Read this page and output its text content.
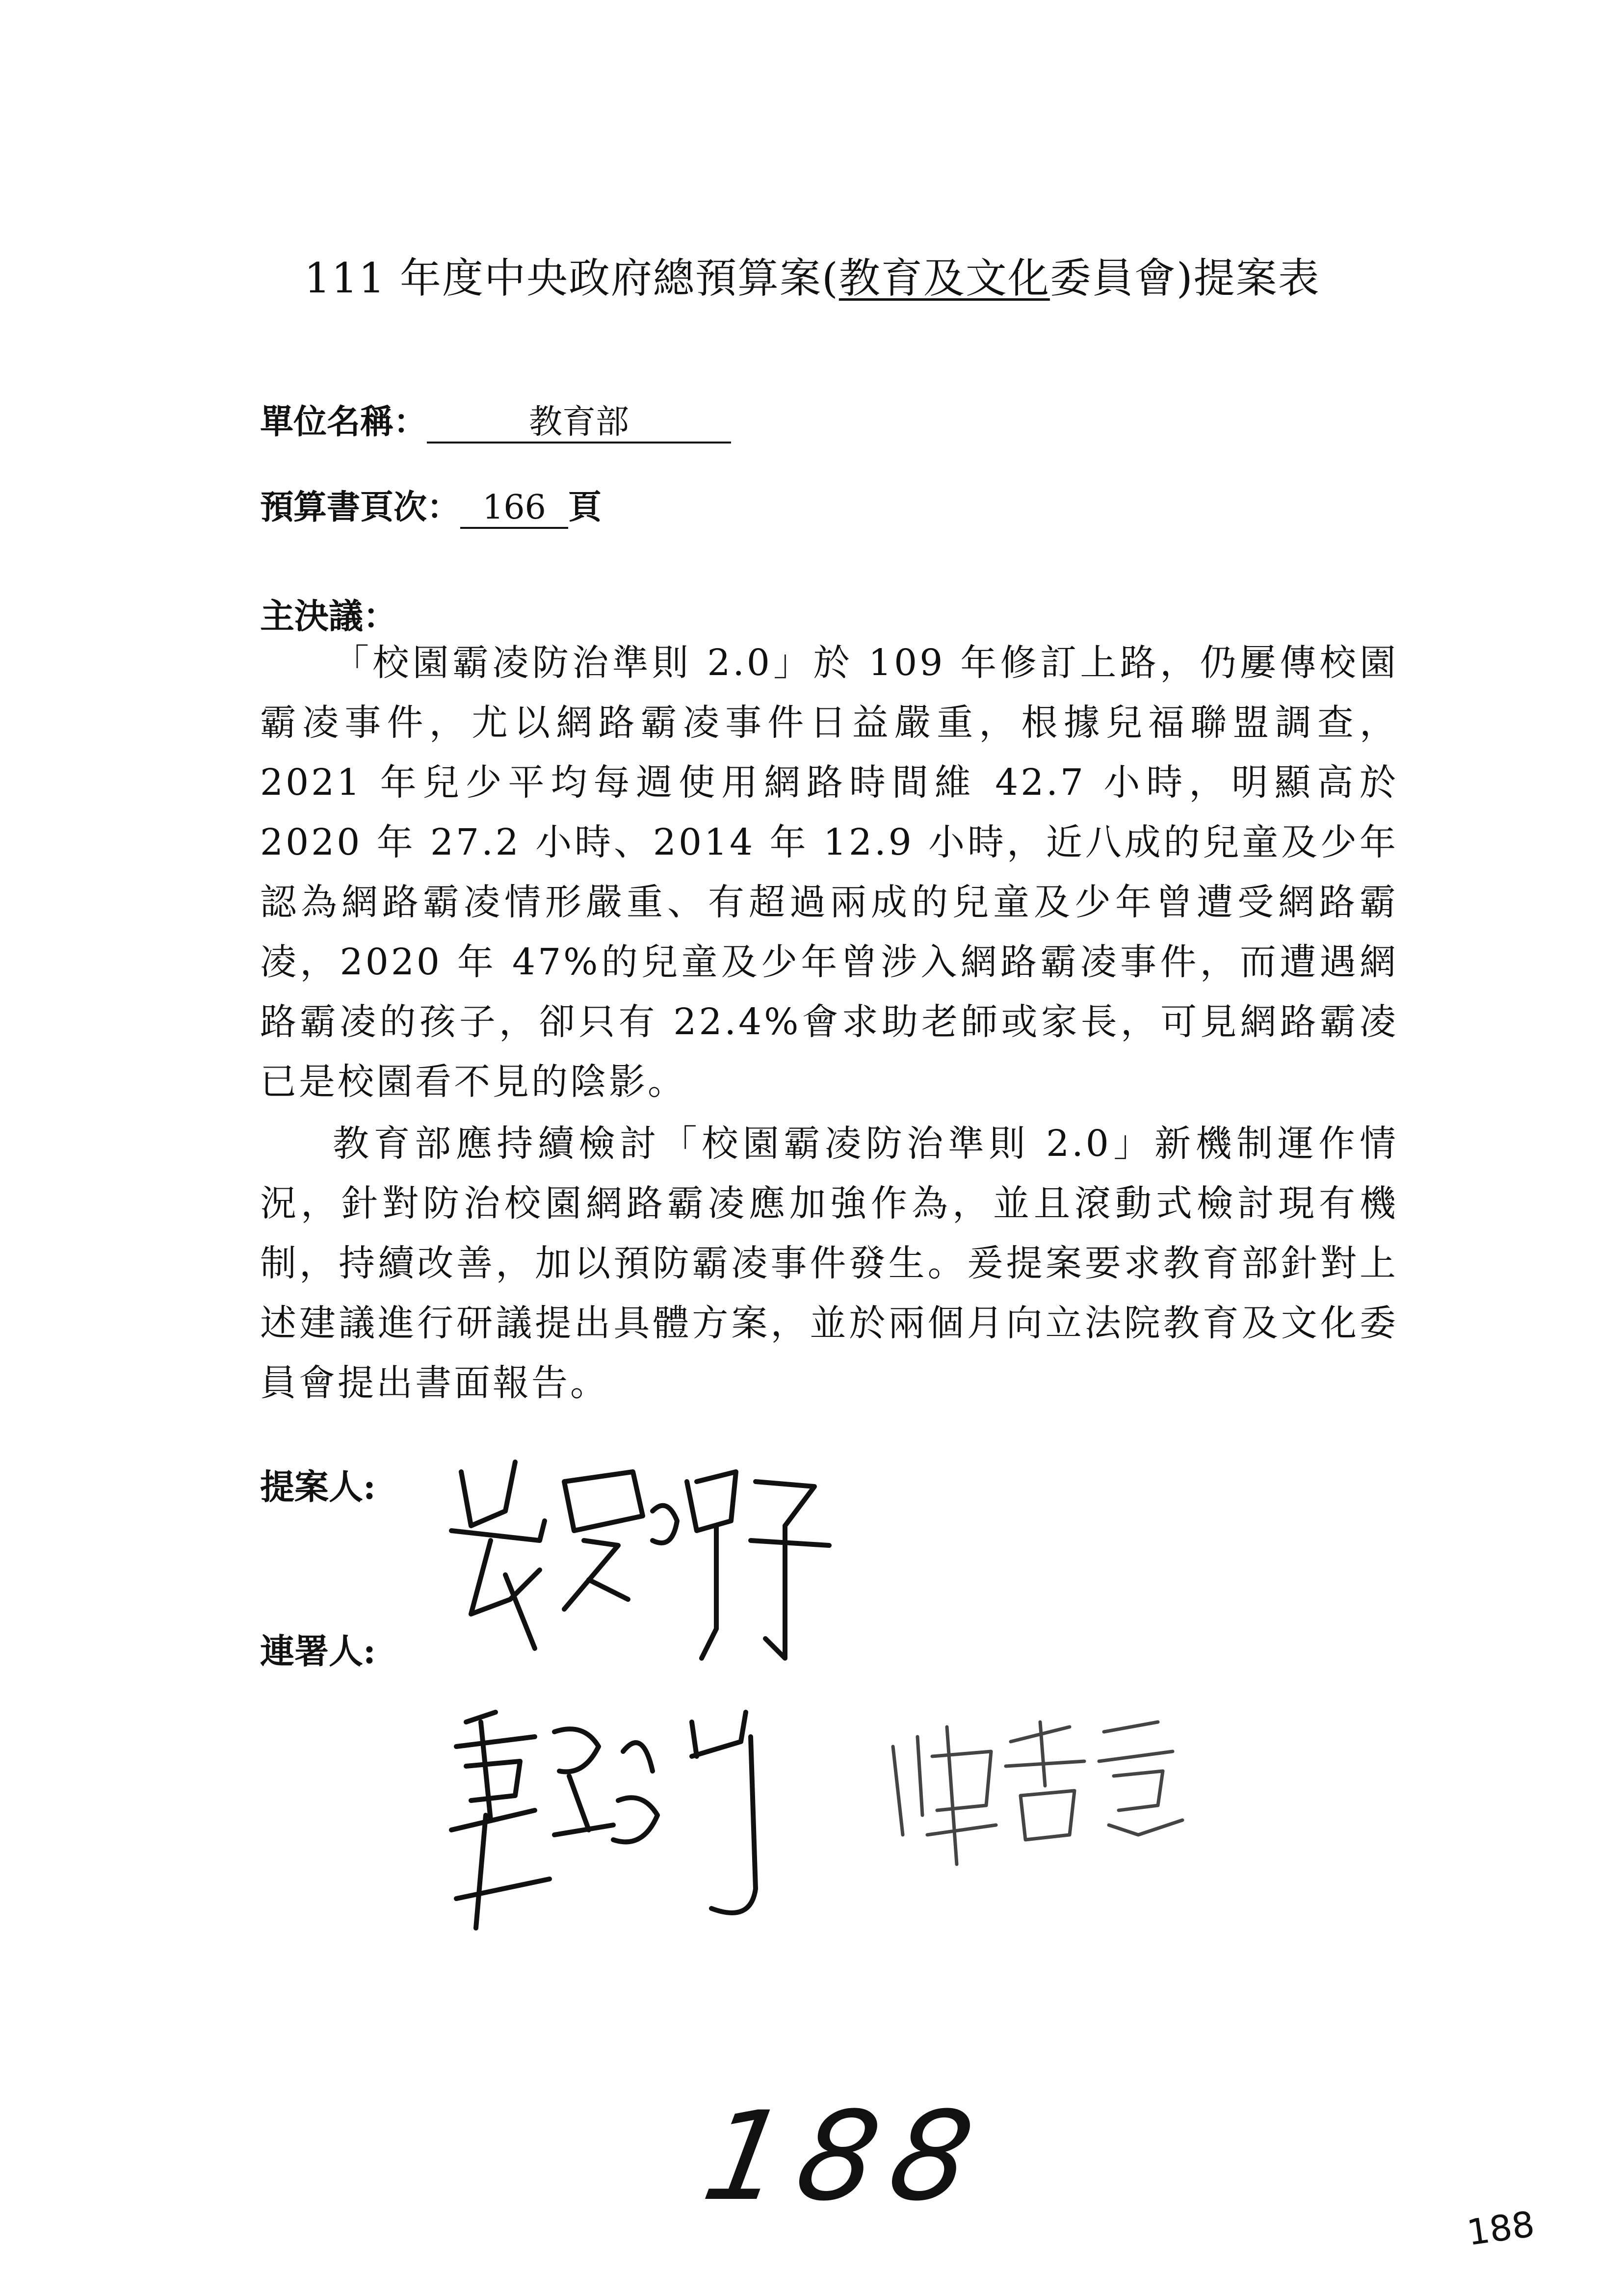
111 年度中央政府總預算案(教育及文化委員會)提案表
單位名稱：	教育部
預算書頁次： 166 頁
主決議：
「校園霸凌防治準則 2.0」於 109 年修訂上路，仍屢傳校園霸凌事件，尤以網路霸凌事件日益嚴重，根據兒福聯盟調查，2021 年兒少平均每週使用網路時間維 42.7 小時，明顯高於 2020 年 27.2 小時、2014 年 12.9 小時，近八成的兒童及少年認為網路霸凌情形嚴重、有超過兩成的兒童及少年曾遭受網路霸凌，2020 年 47%的兒童及少年曾涉入網路霸凌事件，而遭遇網路霸凌的孩子，卻只有 22.4%會求助老師或家長，可見網路霸凌已是校園看不見的陰影。
教育部應持續檢討「校園霸凌防治準則 2.0」新機制運作情況，針對防治校園網路霸凌應加強作為，並且滾動式檢討現有機制，持續改善，加以預防霸凌事件發生。爰提案要求教育部針對上述建議進行研議提出具體方案，並於兩個月向立法院教育及文化委員會提出書面報告。
提案人:
連署人:
188
188
